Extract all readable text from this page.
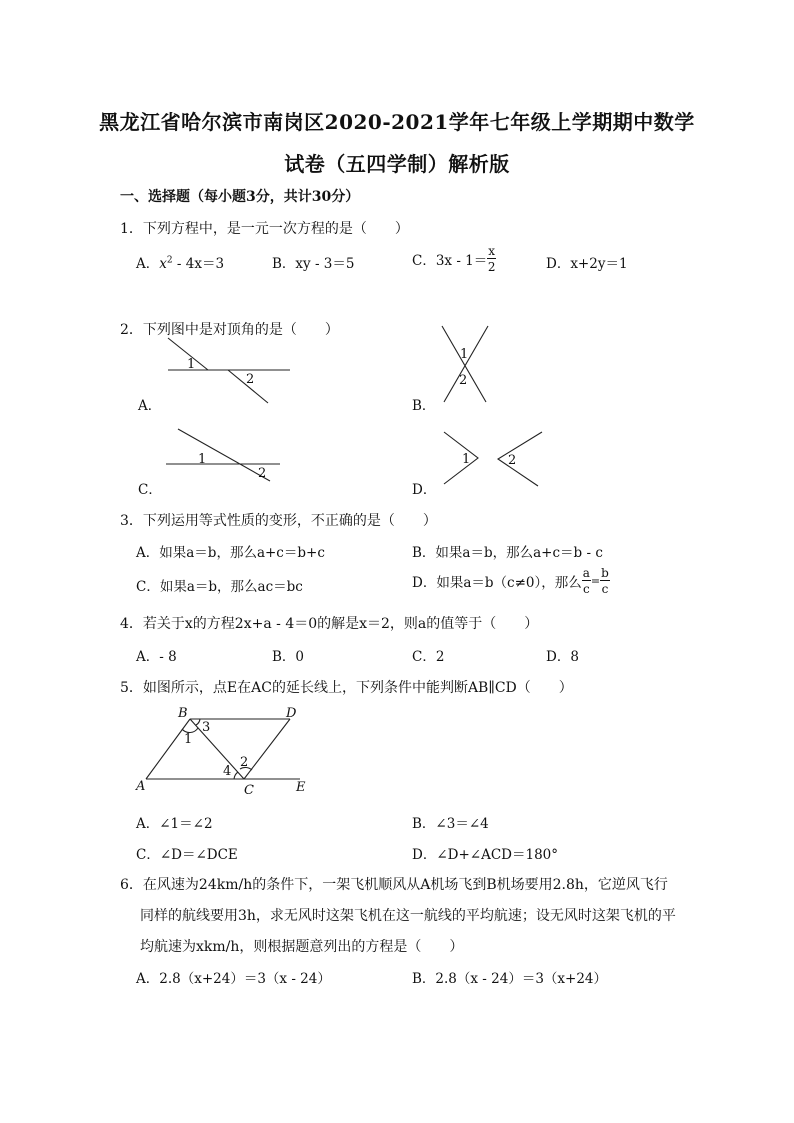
黑龙江省哈尔滨市南岗区2020-2021学年七年级上学期期中数学
试卷（五四学制）解析版
一、选择题（每小题3分，共计30分）
1．下列方程中，是一元一次方程的是（　　）
A．$x^2 - 4x=3$	B．xy - 3＝5	C．$3x - 1= \frac{x}{2}$	D．x+2y＝1
2．下列图中是对顶角的是（　　）
1
2
A．
1
2
B．
1
2
C．
1	2
D．
3．下列运用等式性质的变形，不正确的是（　　）
A．如果a＝b，那么a+c＝b+c	B．如果a＝b，那么a+c＝b - c
C．如果a＝b，那么ac＝bc	D．如果a＝b（c≠0），那么 $\frac{a}{c} = \frac{b}{c}$
4．若关于x的方程2x+a - 4＝0的解是x＝2，则a的值等于（　　）
A．- 8	B．0	C．2	D．8
5．如图所示，点E在AC的延长线上，下列条件中能判断AB∥CD（　　）
B	D
A	C	E
1
3
4
2
A．∠1＝∠2	B．∠3＝∠4
C．∠D＝∠DCE	D．∠D+∠ACD＝180°
6．在风速为24km/h的条件下，一架飞机顺风从A机场飞到B机场要用2.8h，它逆风飞行
同样的航线要用3h，求无风时这架飞机在这一航线的平均航速；设无风时这架飞机的平
均航速为xkm/h，则根据题意列出的方程是（　　）
A．2.8（x+24）＝3（x - 24）	B．2.8（x - 24）＝3（x+24）
